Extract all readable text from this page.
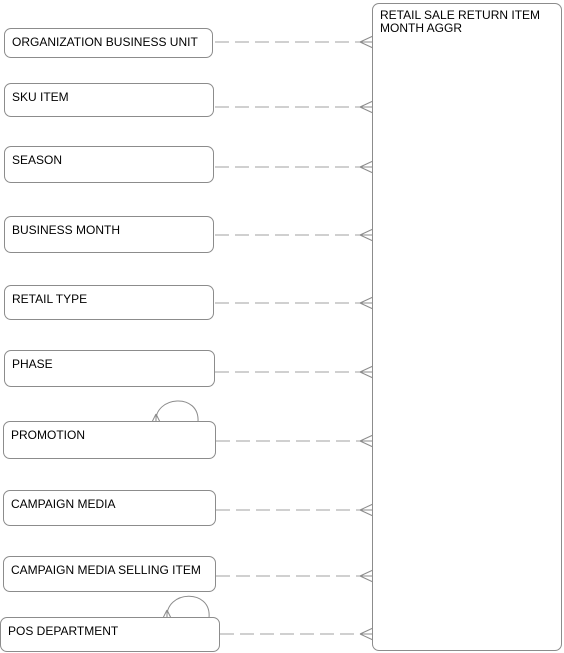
RETAIL SALE RETURN ITEM MONTH AGGR
ORGANIZATION BUSINESS UNIT
SKU ITEM
SEASON
BUSINESS MONTH
RETAIL TYPE
PHASE
PROMOTION
CAMPAIGN MEDIA
CAMPAIGN MEDIA SELLING ITEM
POS DEPARTMENT
